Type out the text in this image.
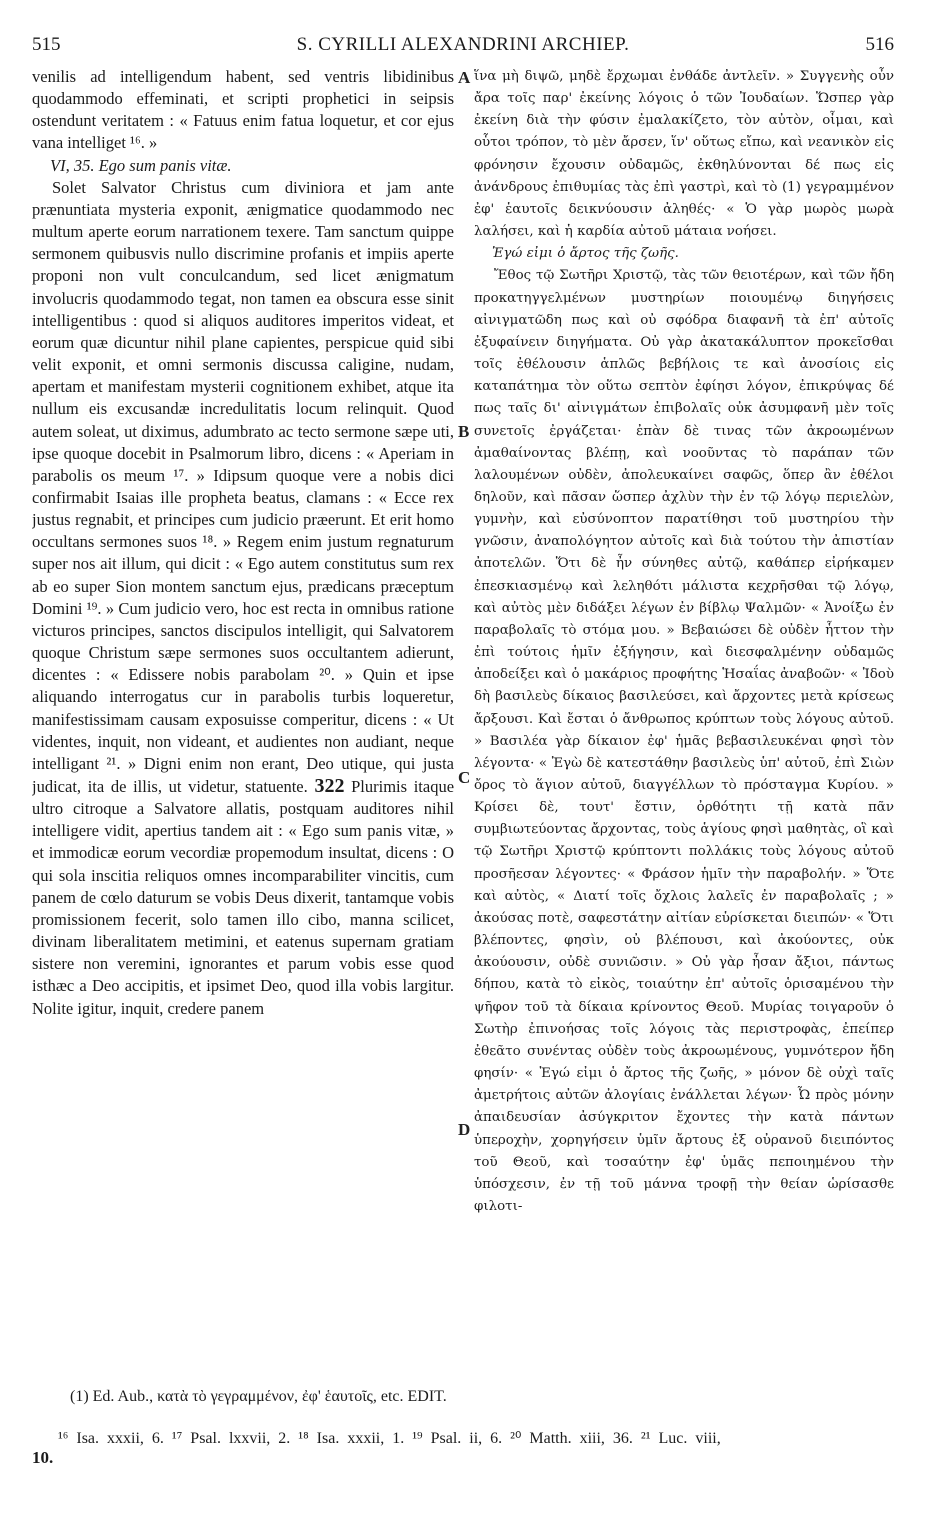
515	S. CYRILLI ALEXANDRINI ARCHIEP.	516

venilis ad intelligendum habent, sed ventris libidinibus quodammodo effeminati, et scripti prophetici in seipsis ostendunt veritatem : « Fatuus enim fatua loquetur, et cor ejus vana intelliget ¹⁶. »

VI, 35. Ego sum panis vitæ.

Solet Salvator Christus cum diviniora et jam ante prænuntiata mysteria exponit, ænigmatice quodammodo nec multum aperte eorum narrationem texere. Tam sanctum quippe sermonem quibusvis nullo discrimine profanis et impiis aperte proponi non vult conculcandum, sed licet ænigmatum involucris quodammodo tegat, non tamen ea obscura esse sinit intelligentibus : quod si aliquos auditores imperitos videat, et eorum quæ dicuntur nihil plane capientes, perspicue quid sibi velit exponit, et omni sermonis discussa caligine, nudam, apertam et manifestam mysterii cognitionem exhibet, atque ita nullum eis excusandæ incredulitatis locum relinquit. Quod autem soleat, ut diximus, adumbrato ac tecto sermone sæpe uti, ipse quoque docebit in Psalmorum libro, dicens : « Aperiam in parabolis os meum ¹⁷. » Idipsum quoque vere a nobis dici confirmabit Isaias ille propheta beatus, clamans : « Ecce rex justus regnabit, et principes cum judicio præerunt. Et erit homo occultans sermones suos ¹⁸. » Regem enim justum regnaturum super nos ait illum, qui dicit : « Ego autem constitutus sum rex ab eo super Sion montem sanctum ejus, prædicans præceptum Domini ¹⁹. » Cum judicio vero, hoc est recta in omnibus ratione victuros principes, sanctos discipulos intelligit, qui Salvatorem quoque Christum sæpe sermones suos occultantem adierunt, dicentes : « Edissere nobis parabolam ²⁰. » Quin et ipse aliquando interrogatus cur in parabolis turbis loqueretur, manifestissimam causam exposuisse comperitur, dicens : « Ut videntes, inquit, non videant, et audientes non audiant, neque intelligant ²¹. » Digni enim non erant, Deo utique, qui justa judicat, ita de illis, ut videtur, statuente. 322 Plurimis itaque ultro citroque a Salvatore allatis, postquam auditores nihil intelligere vidit, apertius tandem ait : « Ego sum panis vitæ, » et immodicæ eorum vecordiæ propemodum insultat, dicens : O qui sola inscitia reliquos omnes incomparabiliter vincitis, cum panem de cœlo daturum se vobis Deus dixerit, tantamque vobis promissionem fecerit, solo tamen illo cibo, manna scilicet, divinam liberalitatem metimini, et eatenus supernam gratiam sistere non veremini, ignorantes et parum vobis esse quod isthæc a Deo accipitis, et ipsimet Deo, quod illa vobis largitur. Nolite igitur, inquit, credere panem

A
B
C
D

ἵνα μὴ διψῶ, μηδὲ ἔρχωμαι ἐνθάδε ἀντλεῖν. » Συγγενὴς οὖν ἄρα τοῖς παρ' ἐκείνης λόγοις ὁ τῶν Ἰουδαίων. Ὥσπερ γὰρ ἐκείνη διὰ τὴν φύσιν ἐμαλακίζετο, τὸν αὐτὸν, οἶμαι, καὶ οὗτοι τρόπον, τὸ μὲν ἄρσεν, ἵν' οὕτως εἴπω, καὶ νεανικὸν εἰς φρόνησιν ἔχουσιν οὐδαμῶς, ἐκθηλύνονται δέ πως εἰς ἀνάνδρους ἐπιθυμίας τὰς ἐπὶ γαστρὶ, καὶ τὸ (1) γεγραμμένον ἐφ' ἑαυτοῖς δεικνύουσιν ἀληθές· « Ὁ γὰρ μωρὸς μωρὰ λαλήσει, καὶ ἡ καρδία αὐτοῦ μάταια νοήσει.

Ἐγώ εἰμι ὁ ἄρτος τῆς ζωῆς.

Ἔθος τῷ Σωτῆρι Χριστῷ, τὰς τῶν θειοτέρων, καὶ τῶν ἤδη προκατηγγελμένων μυστηρίων ποιουμένῳ διηγήσεις αἰνιγματῶδη πως καὶ οὐ σφόδρα διαφανῆ τὰ ἐπ' αὐτοῖς ἐξυφαίνειν διηγήματα. Οὐ γὰρ ἀκατακάλυπτον προκεῖσθαι τοῖς ἐθέλουσιν ἁπλῶς βεβήλοις τε καὶ ἀνοσίοις εἰς καταπάτημα τὸν οὕτω σεπτὸν ἐφίησι λόγον, ἐπικρύψας δέ πως ταῖς δι' αἰνιγμάτων ἐπιβολαῖς οὐκ ἀσυμφανῆ μὲν τοῖς συνετοῖς ἐργάζεται· ἐπὰν δὲ τινας τῶν ἀκροωμένων ἀμαθαίνοντας βλέπῃ, καὶ νοοῦντας τὸ παράπαν τῶν λαλουμένων οὐδὲν, ἀπολευκαίνει σαφῶς, ὅπερ ἂν ἐθέλοι δηλοῦν, καὶ πᾶσαν ὥσπερ ἀχλὺν τὴν ἐν τῷ λόγῳ περιελὼν, γυμνὴν, καὶ εὐσύνοπτον παρατίθησι τοῦ μυστηρίου τὴν γνῶσιν, ἀναπολόγητον αὐτοῖς καὶ διὰ τούτου τὴν ἀπιστίαν ἀποτελῶν. Ὅτι δὲ ἦν σύνηθες αὐτῷ, καθάπερ εἰρήκαμεν ἐπεσκιασμένῳ καὶ λεληθότι μάλιστα κεχρῆσθαι τῷ λόγῳ, καὶ αὐτὸς μὲν διδάξει λέγων ἐν βίβλῳ Ψαλμῶν· « Ἀνοίξω ἐν παραβολαῖς τὸ στόμα μου. » Βεβαιώσει δὲ οὐδὲν ἧττον τὴν ἐπὶ τούτοις ἡμῖν ἐξήγησιν, καὶ διεσφαλμένην οὐδαμῶς ἀποδείξει καὶ ὁ μακάριος προφήτης Ἡσαΐας ἀναβοῶν· « Ἰδοὺ δὴ βασιλεὺς δίκαιος βασιλεύσει, καὶ ἄρχοντες μετὰ κρίσεως ἄρξουσι. Καὶ ἔσται ὁ ἄνθρωπος κρύπτων τοὺς λόγους αὐτοῦ. » Βασιλέα γὰρ δίκαιον ἐφ' ἡμᾶς βεβασιλευκέναι φησὶ τὸν λέγοντα· « Ἐγὼ δὲ κατεστάθην βασιλεὺς ὑπ' αὐτοῦ, ἐπὶ Σιὼν ὄρος τὸ ἅγιον αὐτοῦ, διαγγέλλων τὸ πρόσταγμα Κυρίου. » Κρίσει δὲ, τουτ' ἔστιν, ὀρθότητι τῇ κατὰ πᾶν συμβιωτεύοντας ἄρχοντας, τοὺς ἁγίους φησὶ μαθητὰς, οἳ καὶ τῷ Σωτῆρι Χριστῷ κρύπτοντι πολλάκις τοὺς λόγους αὐτοῦ προσῆεσαν λέγοντες· « Φράσον ἡμῖν τὴν παραβολήν. » Ὅτε καὶ αὐτὸς, « Διατί τοῖς ὄχλοις λαλεῖς ἐν παραβολαῖς ; » ἀκούσας ποτὲ, σαφεστάτην αἰτίαν εὑρίσκεται διειπών· « Ὅτι βλέποντες, φησὶν, οὐ βλέπουσι, καὶ ἀκούοντες, οὐκ ἀκούουσιν, οὐδὲ συνιῶσιν. » Οὐ γὰρ ἦσαν ἄξιοι, πάντως δήπου, κατὰ τὸ εἰκὸς, τοιαύτην ἐπ' αὐτοῖς ὁρισαμένου τὴν ψῆφον τοῦ τὰ δίκαια κρίνοντος Θεοῦ. Μυρίας τοιγαροῦν ὁ Σωτὴρ ἐπινοήσας τοῖς λόγοις τὰς περιστροφὰς, ἐπείπερ ἐθεᾶτο συνέντας οὐδὲν τοὺς ἀκροωμένους, γυμνότερον ἤδη φησίν· « Ἐγώ εἰμι ὁ ἄρτος τῆς ζωῆς, » μόνον δὲ οὐχὶ ταῖς ἀμετρήτοις αὐτῶν ἀλογίαις ἐνάλλεται λέγων· Ὦ πρὸς μόνην ἀπαιδευσίαν ἀσύγκριτον ἔχοντες τὴν κατὰ πάντων ὑπεροχὴν, χορηγήσειν ὑμῖν ἄρτους ἐξ οὐρανοῦ διειπόντος τοῦ Θεοῦ, καὶ τοσαύτην ἐφ' ὑμᾶς πεποιημένου τὴν ὑπόσχεσιν, ἐν τῇ τοῦ μάννα τροφῇ τὴν θείαν ὡρίσασθε φιλοτι-

(1) Ed. Aub., κατὰ τὸ γεγραμμένον, ἐφ' ἑαυτοῖς, etc. EDIT.
¹⁶ Isa. xxxii, 6. ¹⁷ Psal. lxxvii, 2. ¹⁸ Isa. xxxii, 1. ¹⁹ Psal. ii, 6. ²⁰ Matth. xiii, 36. ²¹ Luc. viii,
10.
